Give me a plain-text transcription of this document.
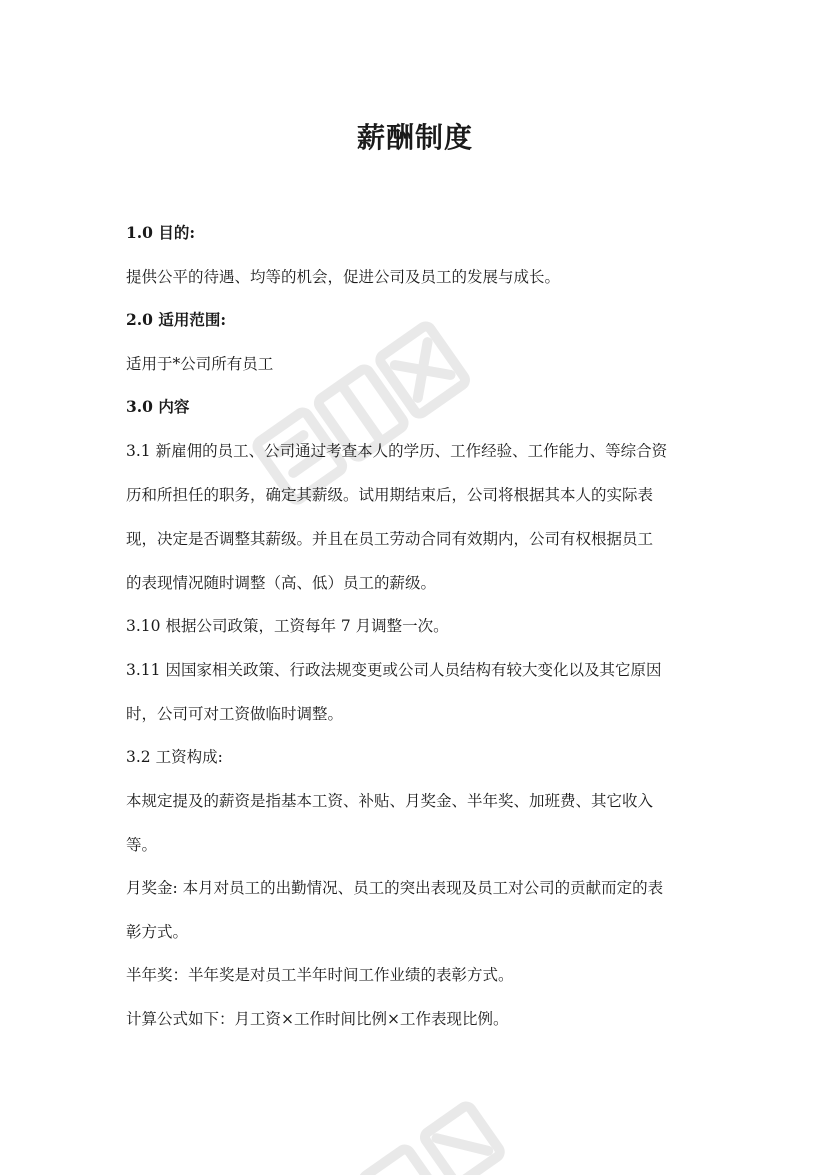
薪酬制度
1.0 目的:
提供公平的待遇、均等的机会，促进公司及员工的发展与成长。
2.0 适用范围:
适用于*公司所有员工
3.0 内容
3.1 新雇佣的员工、公司通过考查本人的学历、工作经验、工作能力、等综合资
历和所担任的职务，确定其薪级。试用期结束后，公司将根据其本人的实际表
现，决定是否调整其薪级。并且在员工劳动合同有效期内，公司有权根据员工
的表现情况随时调整（高、低）员工的薪级。
3.10 根据公司政策，工资每年 7 月调整一次。
3.11 因国家相关政策、行政法规变更或公司人员结构有较大变化以及其它原因
时，公司可对工资做临时调整。
3.2 工资构成:
本规定提及的薪资是指基本工资、补贴、月奖金、半年奖、加班费、其它收入
等。
月奖金: 本月对员工的出勤情况、员工的突出表现及员工对公司的贡献而定的表
彰方式。
半年奖：半年奖是对员工半年时间工作业绩的表彰方式。
计算公式如下：月工资×工作时间比例×工作表现比例。
